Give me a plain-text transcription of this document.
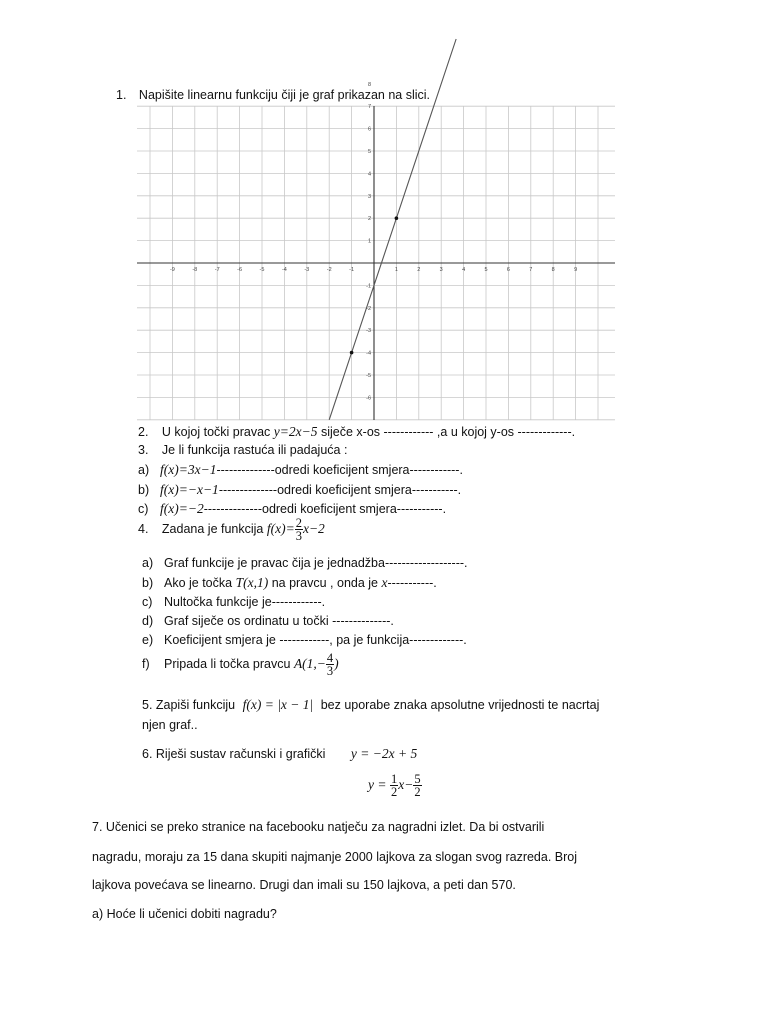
1. Napišite linearnu funkciju čiji je graf prikazan na slici.
-9	-8	-7	-6	-5	-4	-3	-2	-1	1	2	3	4	5	6	7	8	9
8
7
6
5
4
3
2
1
-1
-2
-3
-4
-5
-6
2. U kojoj točki pravac y=2x−5 siječe x-os ------------ ,a u kojoj y-os -------------.
3. Je li funkcija rastuća ili padajuća :
a) f(x)=3x−1--------------odredi koeficijent smjera------------.
b) f(x)=−x−1--------------odredi koeficijent smjera-----------.
c) f(x)=−2--------------odredi koeficijent smjera-----------.
4. Zadana je funkcija $f(x)= \frac{2}{3} x-2$
a) Graf funkcije je pravac čija je jednadžba-------------------.
b) Ako je točka T(x,1) na pravcu , onda je x-----------.
c) Nultočka funkcije je------------.
d) Graf siječe os ordinatu u točki --------------.
e) Koeficijent smjera je ------------, pa je funkcija-------------.
f) Pripada li točka pravcu $A(1,- \frac{4}{3}$ )
5. Zapiši funkciju f(x) = |x − 1| bez uporabe znaka apsolutne vrijednosti te nacrtaj
njen graf..
6. Riješi sustav računski i grafički y = −2x + 5
$y = \frac{1}{2} x- \frac{5}{2}$
7. Učenici se preko stranice na facebooku natječu za nagradni izlet. Da bi ostvarili
nagradu, moraju za 15 dana skupiti najmanje 2000 lajkova za slogan svog razreda. Broj
lajkova povećava se linearno. Drugi dan imali su 150 lajkova, a peti dan 570.
a) Hoće li učenici dobiti nagradu?
